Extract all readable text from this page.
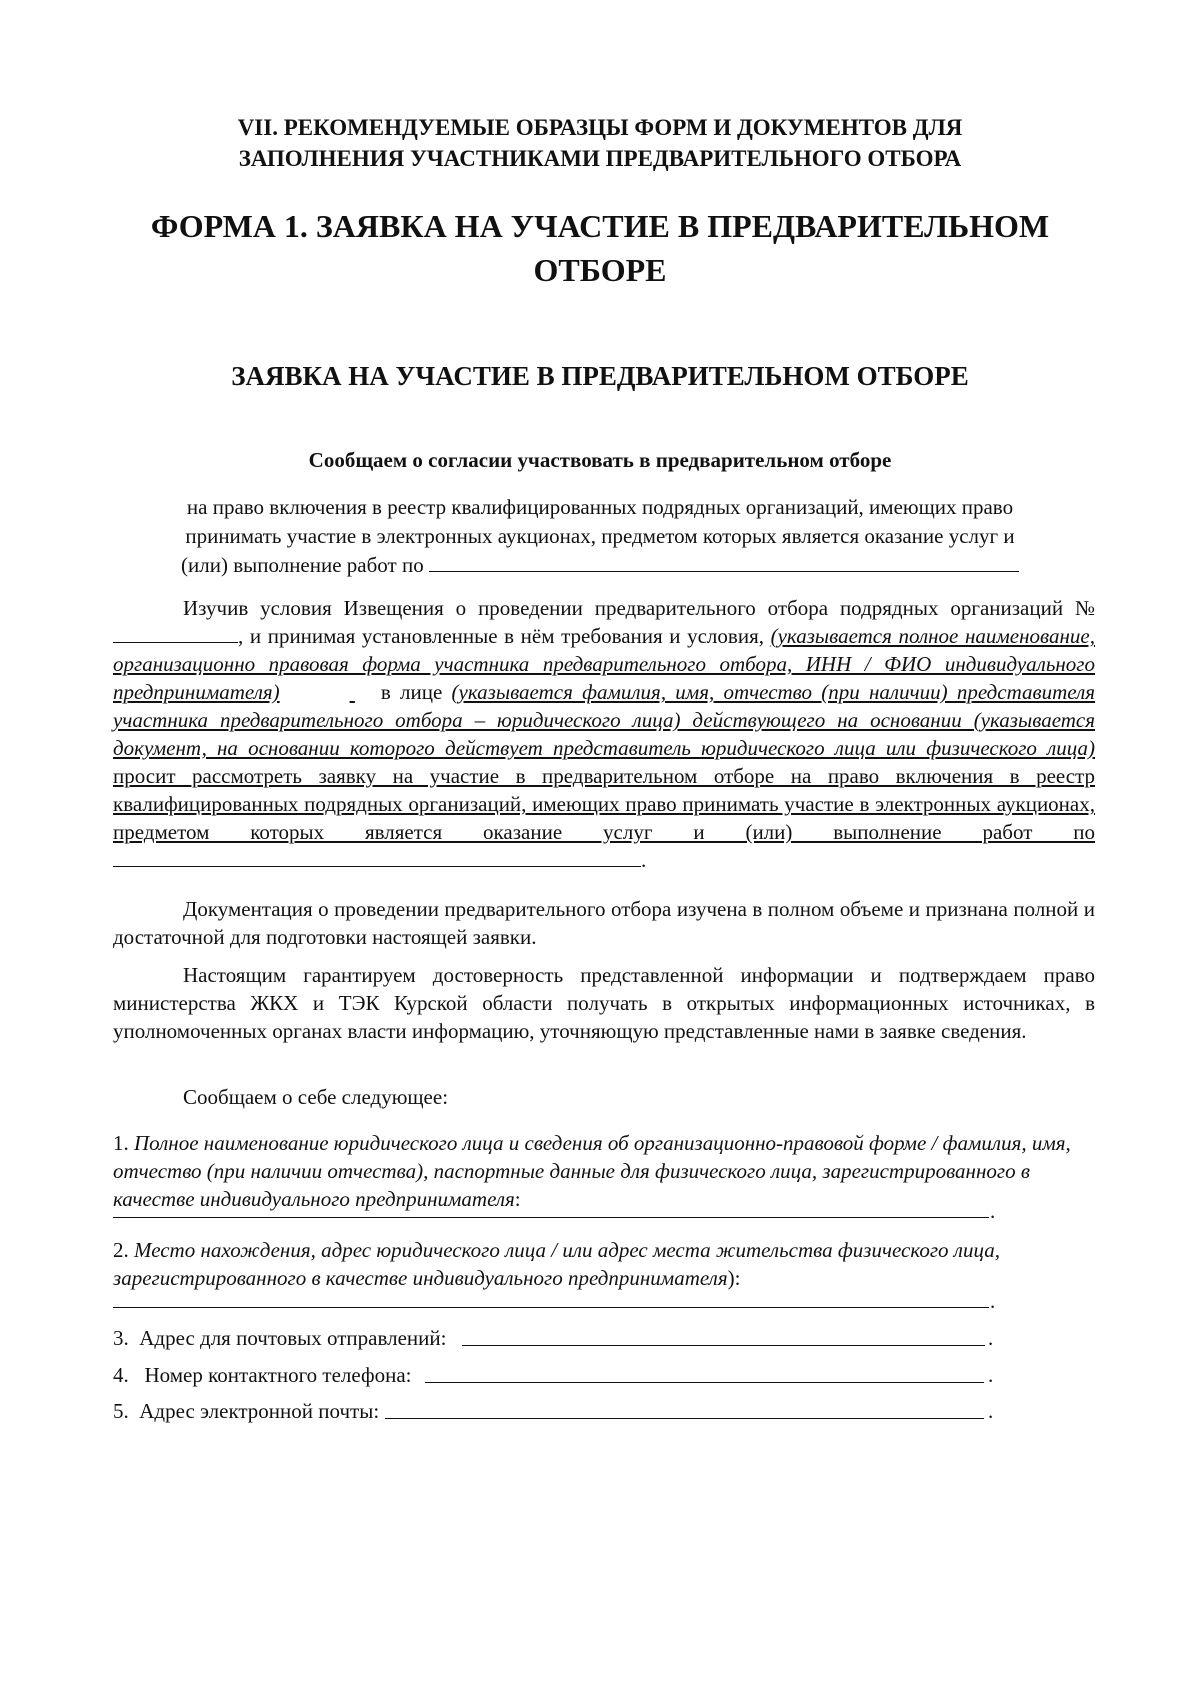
VII. РЕКОМЕНДУЕМЫЕ ОБРАЗЦЫ ФОРМ И ДОКУМЕНТОВ ДЛЯ
ЗАПОЛНЕНИЯ УЧАСТНИКАМИ ПРЕДВАРИТЕЛЬНОГО ОТБОРА
ФОРМА 1. ЗАЯВКА НА УЧАСТИЕ В ПРЕДВАРИТЕЛЬНОМ
ОТБОРЕ
ЗАЯВКА НА УЧАСТИЕ В ПРЕДВАРИТЕЛЬНОМ ОТБОРЕ
Сообщаем о согласии участвовать в предварительном отборе
на право включения в реестр квалифицированных подрядных организаций, имеющих право
принимать участие в электронных аукционах, предметом которых является оказание услуг и
(или) выполнение работ по
Изучив условия Извещения о проведении предварительного отбора подрядных организаций №, и принимая установленные в нём требования и условия, (указывается полное наименование, организационно правовая форма участника предварительного отбора, ИНН / ФИО индивидуального предпринимателя)	в лице (указывается фамилия, имя, отчество (при наличии) представителя участника предварительного отбора – юридического лица) действующего на основании (указывается документ, на основании которого действует представитель юридического лица или физического лица) просит рассмотреть заявку на участие в предварительном отборе на право включения в реестр квалифицированных подрядных организаций, имеющих право принимать участие в электронных аукционах, предметом которых является оказание услуг и (или) выполнение работ по.
Документация о проведении предварительного отбора изучена в полном объеме и признана полной и достаточной для подготовки настоящей заявки.
Настоящим гарантируем достоверность представленной информации и подтверждаем право министерства ЖКХ и ТЭК Курской области получать в открытых информационных источниках, в уполномоченных органах власти информацию, уточняющую представленные нами в заявке сведения.
Сообщаем о себе следующее:
1. Полное наименование юридического лица и сведения об организационно-правовой форме / фамилия, имя, отчество (при наличии отчества), паспортные данные для физического лица, зарегистрированного в качестве индивидуального предпринимателя:	.
2. Место нахождения, адрес юридического лица / или адрес места жительства физического лица, зарегистрированного в качестве индивидуального предпринимателя):
.
3. Адрес для почтовых отправлений:	.
4. Номер контактного телефона:	.
5. Адрес электронной почты:	.
